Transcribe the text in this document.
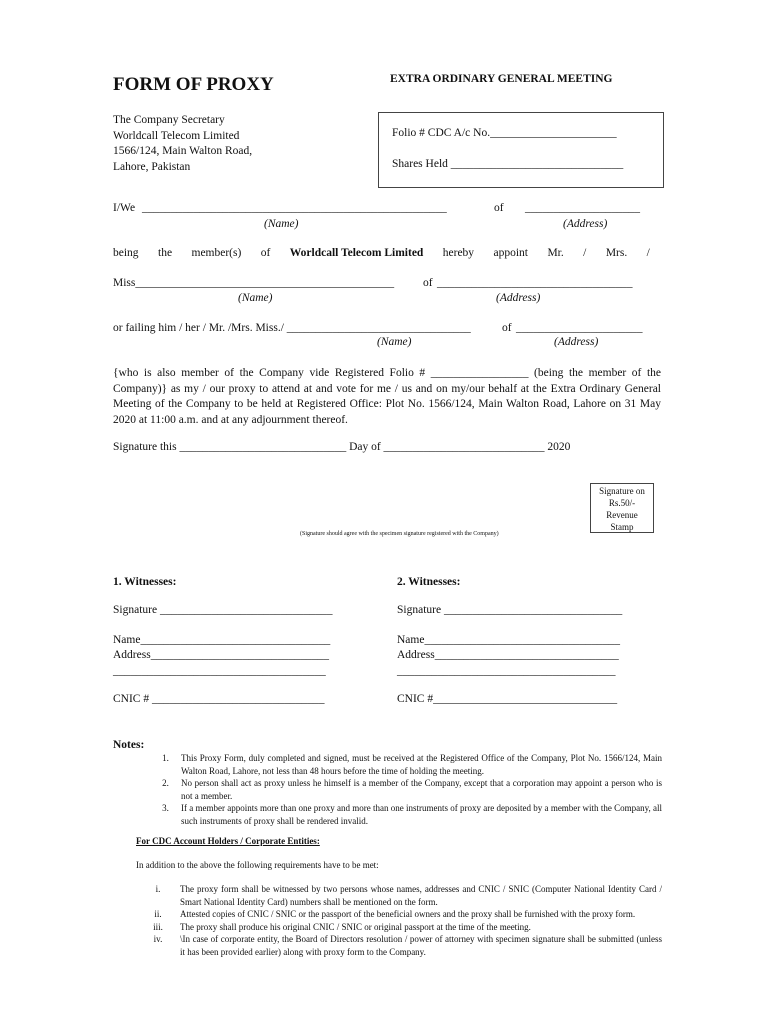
FORM OF PROXY	EXTRA ORDINARY GENERAL MEETING
The Company Secretary
Worldcall Telecom Limited
1566/124, Main Walton Road,
Lahore, Pakistan
Folio # CDC A/c No.______________________
Shares Held ______________________________
I/We _____________________________________________________	of ____________________
(Name)	(Address)
being the member(s) of Worldcall Telecom Limited hereby appoint Mr. / Mrs. /
Miss_____________________________________________	of __________________________________
(Name)	(Address)
or failing him / her / Mr. /Mrs. Miss./ ________________________________	of ______________________
(Name)	(Address)
{who is also member of the Company vide Registered Folio # _________________ (being the member of the Company)} as my / our proxy to attend at and vote for me / us and on my/our behalf at the Extra Ordinary General Meeting of the Company to be held at Registered Office: Plot No. 1566/124, Main Walton Road, Lahore on 31 May 2020 at 11:00 a.m. and at any adjournment thereof.
Signature this _____________________________ Day of ____________________________ 2020
Signature on
Rs.50/-
Revenue
Stamp
(Signature should agree with the specimen signature registered with the Company)
1. Witnesses:	2. Witnesses:
Signature ______________________________	Signature _______________________________
Name_________________________________	Name__________________________________
Address_______________________________	Address________________________________
_____________________________________	______________________________________
CNIC # ______________________________	CNIC #________________________________
Notes:
1.	This Proxy Form, duly completed and signed, must be received at the Registered Office of the Company, Plot No. 1566/124, Main Walton Road, Lahore, not less than 48 hours before the time of holding the meeting.
2.	No person shall act as proxy unless he himself is a member of the Company, except that a corporation may appoint a person who is not a member.
3.	If a member appoints more than one proxy and more than one instruments of proxy are deposited by a member with the Company, all such instruments of proxy shall be rendered invalid.
For CDC Account Holders / Corporate Entities:
In addition to the above the following requirements have to be met:
i.	The proxy form shall be witnessed by two persons whose names, addresses and CNIC / SNIC (Computer National Identity Card / Smart National Identity Card) numbers shall be mentioned on the form.
ii.	Attested copies of CNIC / SNIC or the passport of the beneficial owners and the proxy shall be furnished with the proxy form.
iii.	The proxy shall produce his original CNIC / SNIC or original passport at the time of the meeting.
iv.	\In case of corporate entity, the Board of Directors resolution / power of attorney with specimen signature shall be submitted (unless it has been provided earlier) along with proxy form to the Company.
